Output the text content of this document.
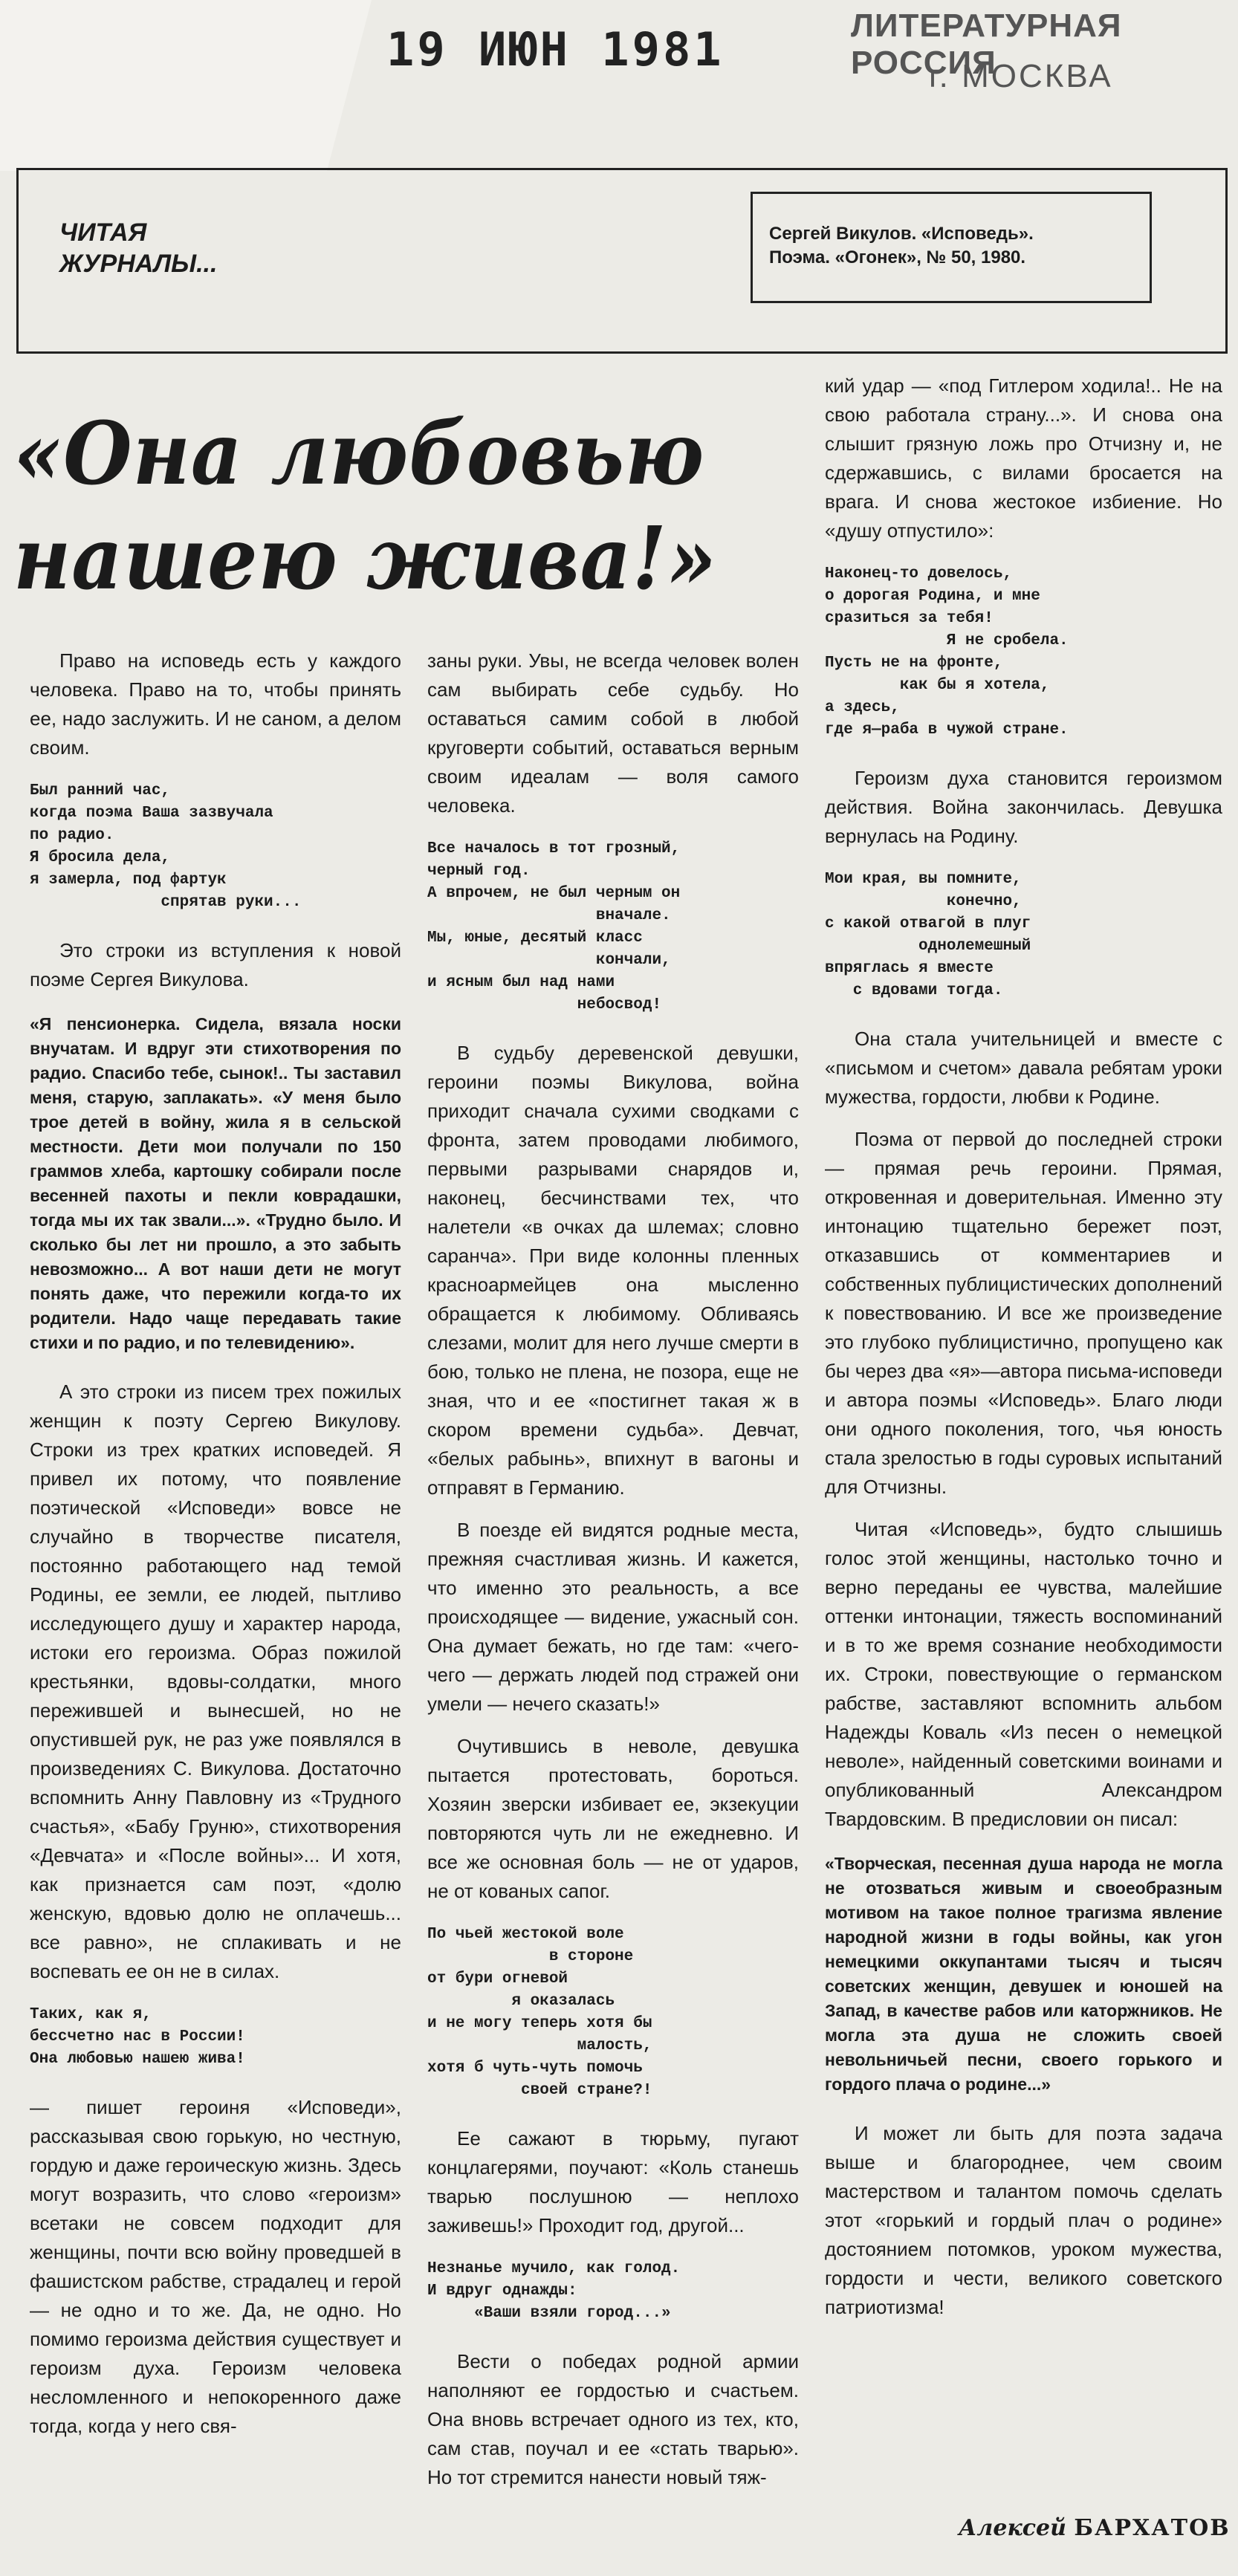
19 ИЮН 1981	ЛИТЕРАТУРНАЯ РОССИЯ
г. МОСКВА
ЧИТАЯ
ЖУРНАЛЫ...
Сергей Викулов. «Исповедь».
Поэма. «Огонек», № 50, 1980.
«Она любовью
нашею жива!»

Право на исповедь есть у каждого человека. Право на то, чтобы принять ее, надо заслужить. И не саном, а делом своим.

Был ранний час,
когда поэма Ваша зазвучала
по радио.
Я бросила дела,
я замерла, под фартук
спрятав руки...

Это строки из вступления к новой поэме Сергея Викулова.

«Я пенсионерка. Сидела, вязала носки внучатам. И вдруг эти стихотворения по радио. Спасибо тебе, сынок!.. Ты заставил меня, старую, заплакать». «У меня было трое детей в войну, жила я в сельской местности. Дети мои получали по 150 граммов хлеба, картошку собирали после весенней пахоты и пекли коврадашки, тогда мы их так звали...». «Трудно было. И сколько бы лет ни прошло, а это забыть невозможно... А вот наши дети не могут понять даже, что пережили когда-то их родители. Надо чаще передавать такие стихи и по радио, и по телевидению».

А это строки из писем трех пожилых женщин к поэту Сергею Викулову. Строки из трех кратких исповедей. Я привел их потому, что появление поэтической «Исповеди» вовсе не случайно в творчестве писателя, постоянно работающего над темой Родины, ее земли, ее людей, пытливо исследующего душу и характер народа, истоки его героизма. Образ пожилой крестьянки, вдовы-солдатки, много пережившей и вынесшей, но не опустившей рук, не раз уже появлялся в произведениях С. Викулова. Достаточно вспомнить Анну Павловну из «Трудного счастья», «Бабу Груню», стихотворения «Девчата» и «После войны»... И хотя, как признается сам поэт, «долю женскую, вдовью долю не оплачешь... все равно», не сплакивать и не воспевать ее он не в силах.

Таких, как я,
бессчетно нас в России!
Она любовью нашею жива!

— пишет героиня «Исповеди», рассказывая свою горькую, но честную, гордую и даже героическую жизнь. Здесь могут возразить, что слово «героизм» всетаки не совсем подходит для женщины, почти всю войну проведшей в фашистском рабстве, страдалец и герой — не одно и то же. Да, не одно. Но помимо героизма действия существует и героизм духа. Героизм человека несломленного и непокоренного даже тогда, когда у него свя-

заны руки. Увы, не всегда человек волен сам выбирать себе судьбу. Но оставаться самим собой в любой круговерти событий, оставаться верным своим идеалам — воля самого человека.

Все началось в тот грозный,
черный год.
А впрочем, не был черным он
вначале.
Мы, юные, десятый класс
кончали,
и ясным был над нами
небосвод!

В судьбу деревенской девушки, героини поэмы Викулова, война приходит сначала сухими сводками с фронта, затем проводами любимого, первыми разрывами снарядов и, наконец, бесчинствами тех, что налетели «в очках да шлемах; словно саранча». При виде колонны пленных красноармейцев она мысленно обращается к любимому. Обливаясь слезами, молит для него лучше смерти в бою, только не плена, не позора, еще не зная, что и ее «постигнет такая ж в скором времени судьба». Девчат, «белых рабынь», впихнут в вагоны и отправят в Германию.

В поезде ей видятся родные места, прежняя счастливая жизнь. И кажется, что именно это реальность, а все происходящее — видение, ужасный сон. Она думает бежать, но где там: «чего-чего — держать людей под стражей они умели — нечего сказать!»

Очутившись в неволе, девушка пытается протестовать, бороться. Хозяин зверски избивает ее, экзекуции повторяются чуть ли не ежедневно. И все же основная боль — не от ударов, не от кованых сапог.

По чьей жестокой воле
в стороне
от бури огневой
я оказалась
и не могу теперь хотя бы
малость,
хотя б чуть-чуть помочь
своей стране?!

Ее сажают в тюрьму, пугают концлагерями, поучают: «Коль станешь тварью послушною — неплохо заживешь!» Проходит год, другой...

Незнанье мучило, как голод.
И вдруг однажды:
«Ваши взяли город...»

Вести о победах родной армии наполняют ее гордостью и счастьем. Она вновь встречает одного из тех, кто, сам став, поучал и ее «стать тварью». Но тот стремится нанести новый тяж-

кий удар — «под Гитлером ходила!.. Не на свою работала страну...». И снова она слышит грязную ложь про Отчизну и, не сдержавшись, с вилами бросается на врага. И снова жестокое избиение. Но «душу отпустило»:

Наконец-то довелось,
о дорогая Родина, и мне
сразиться за тебя!
Я не сробела.
Пусть не на фронте,
как бы я хотела,
а здесь,
где я—раба в чужой стране.

Героизм духа становится героизмом действия. Война закончилась. Девушка вернулась на Родину.

Мои края, вы помните,
конечно,
с какой отвагой в плуг
однолемешный
впряглась я вместе
с вдовами тогда.

Она стала учительницей и вместе с «письмом и счетом» давала ребятам уроки мужества, гордости, любви к Родине.

Поэма от первой до последней строки — прямая речь героини. Прямая, откровенная и доверительная. Именно эту интонацию тщательно бережет поэт, отказавшись от комментариев и собственных публицистических дополнений к повествованию. И все же произведение это глубоко публицистично, пропущено как бы через два «я»—автора письма-исповеди и автора поэмы «Исповедь». Благо люди они одного поколения, того, чья юность стала зрелостью в годы суровых испытаний для Отчизны.

Читая «Исповедь», будто слышишь голос этой женщины, настолько точно и верно переданы ее чувства, малейшие оттенки интонации, тяжесть воспоминаний и в то же время сознание необходимости их. Строки, повествующие о германском рабстве, заставляют вспомнить альбом Надежды Коваль «Из песен о немецкой неволе», найденный советскими воинами и опубликованный Александром Твардовским. В предисловии он писал:

«Творческая, песенная душа народа не могла не отозваться живым и своеобразным мотивом на такое полное трагизма явление народной жизни в годы войны, как угон немецкими оккупантами тысяч и тысяч советских женщин, девушек и юношей на Запад, в качестве рабов или каторжников. Не могла эта душа не сложить своей невольничьей песни, своего горького и гордого плача о родине...»

И может ли быть для поэта задача выше и благороднее, чем своим мастерством и талантом помочь сделать этот «горький и гордый плач о родине» достоянием потомков, уроком мужества, гордости и чести, великого советского патриотизма!

Алексей БАРХАТОВ
